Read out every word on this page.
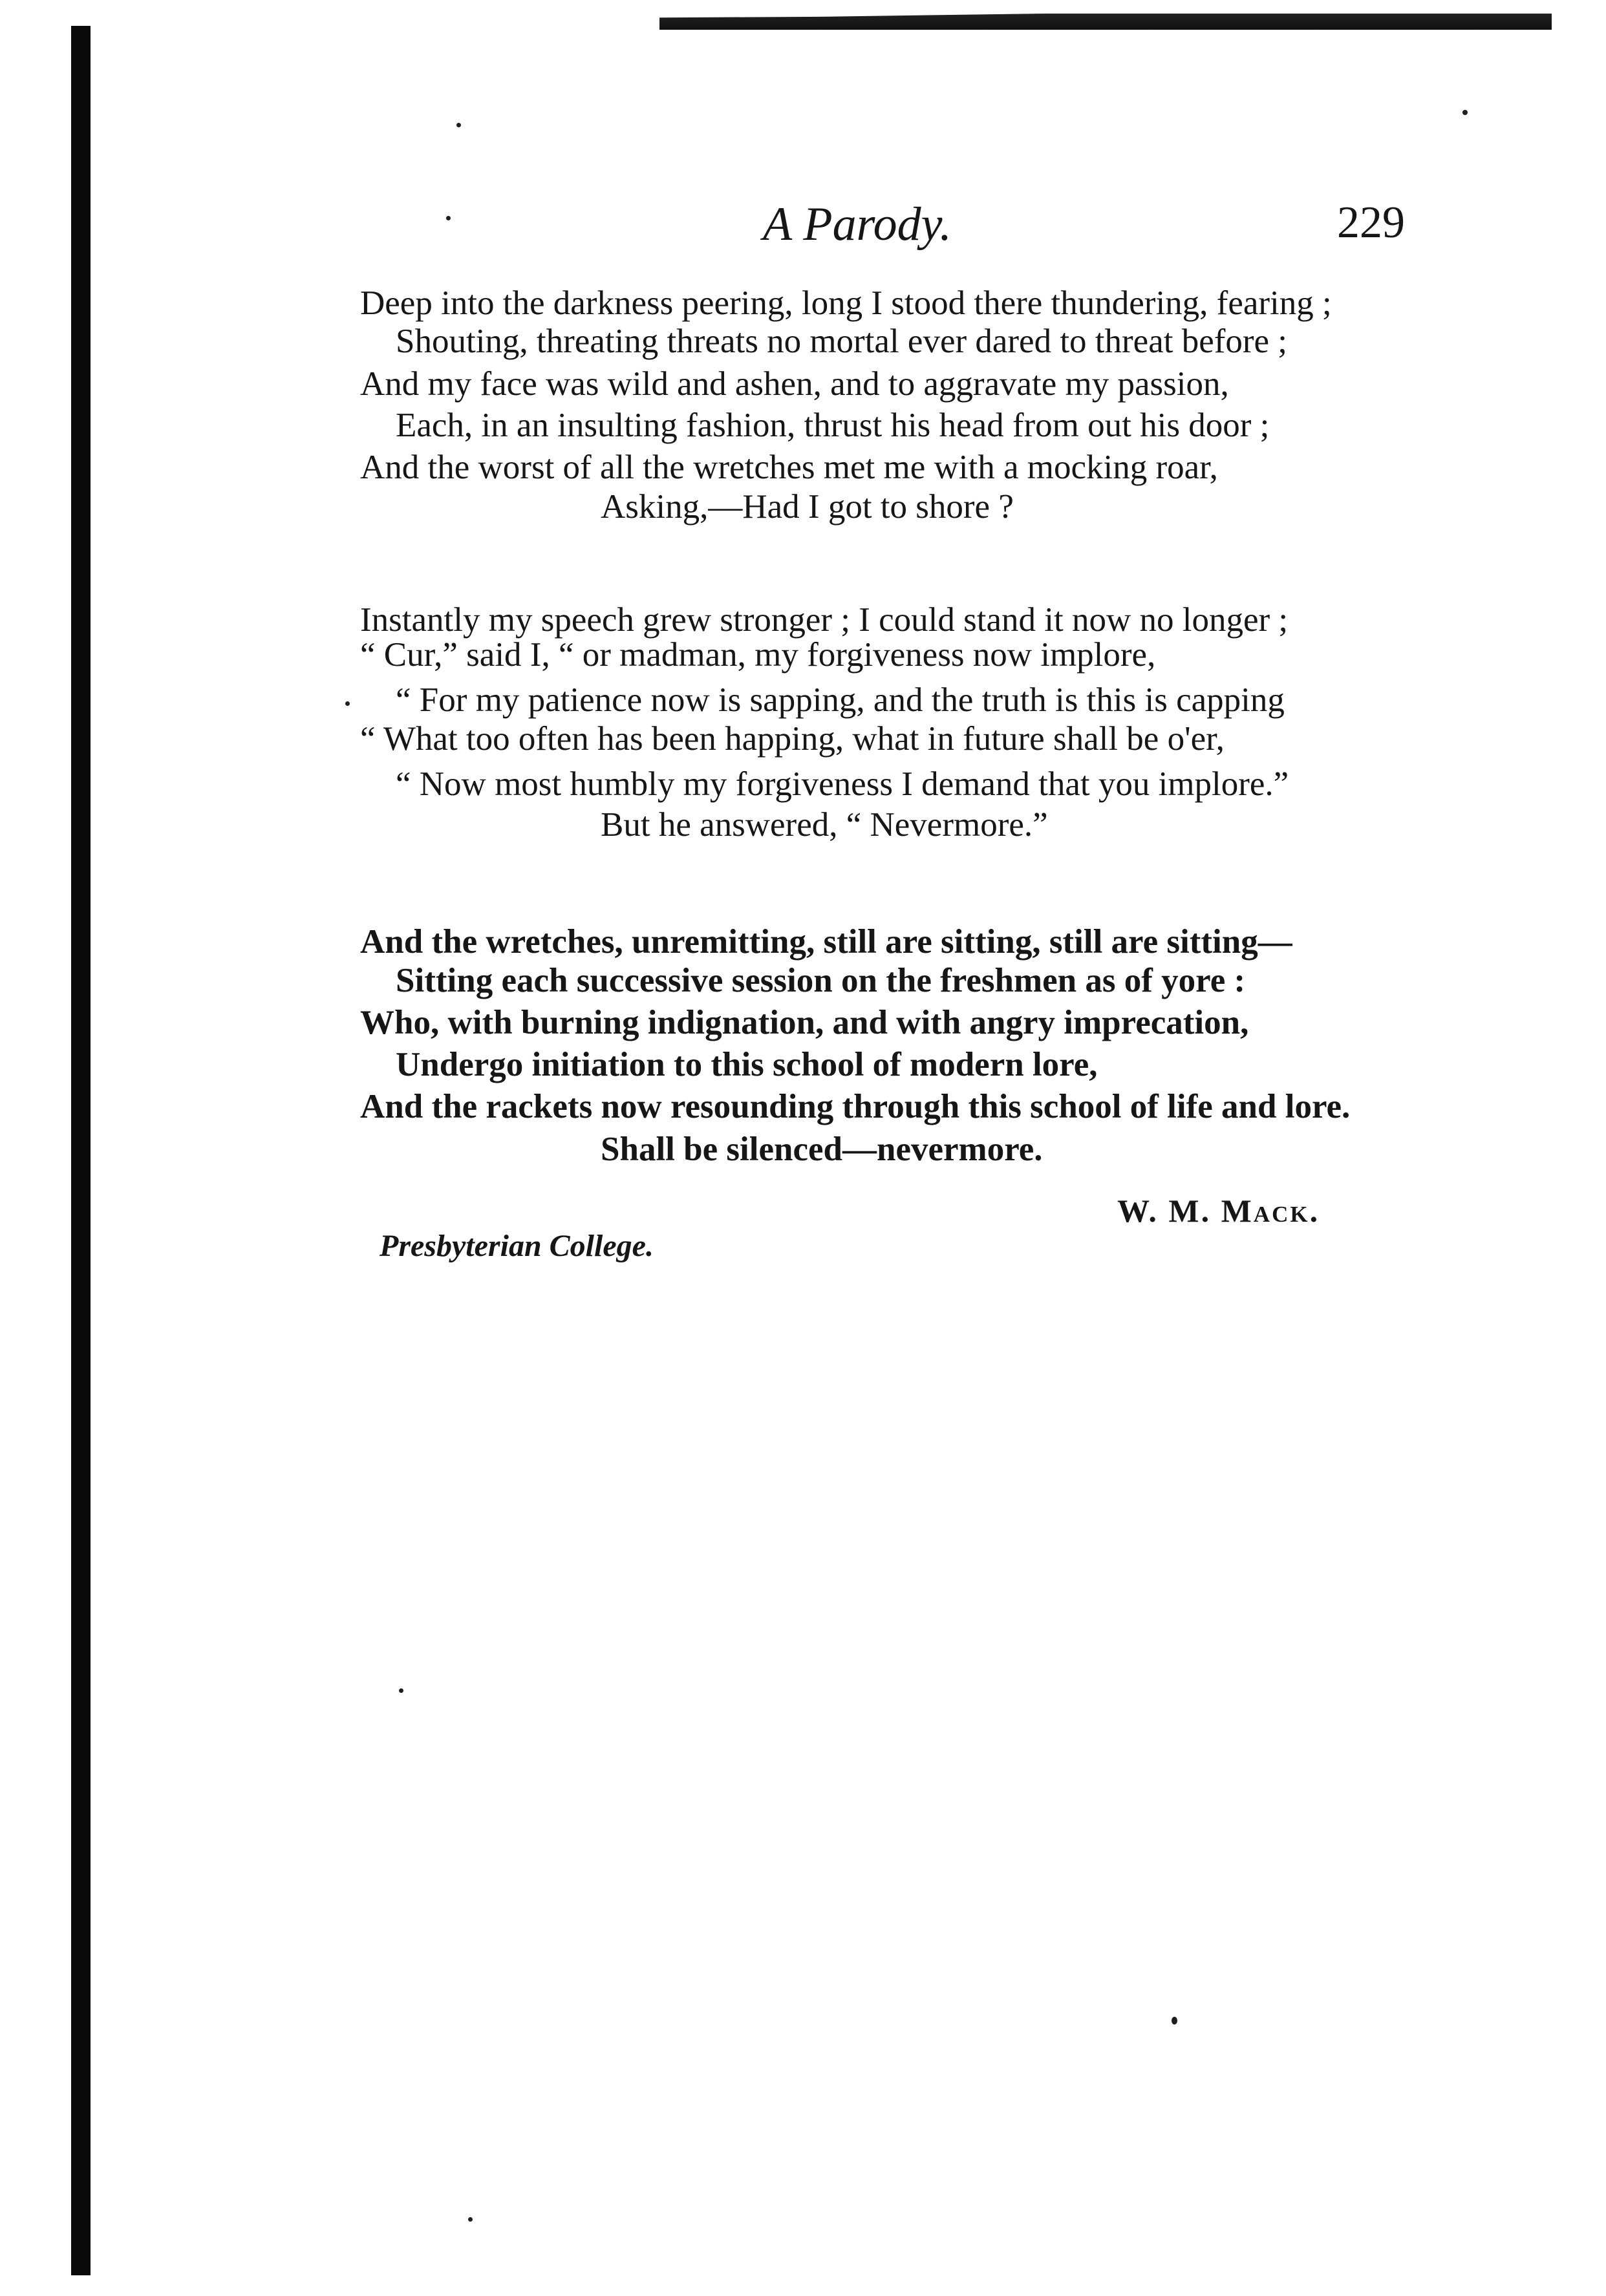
A Parody.	229
Deep into the darkness peering, long I stood there thundering, fearing ;
Shouting, threating threats no mortal ever dared to threat before ;
And my face was wild and ashen, and to aggravate my passion,
Each, in an insulting fashion, thrust his head from out his door ;
And the worst of all the wretches met me with a mocking roar,
Asking,—Had I got to shore ?
Instantly my speech grew stronger ; I could stand it now no longer ;
“ Cur,” said I, “ or madman, my forgiveness now implore,
“ For my patience now is sapping, and the truth is this is capping
“ What too often has been happing, what in future shall be o'er,
“ Now most humbly my forgiveness I demand that you implore.”
But he answered, “ Nevermore.”
And the wretches, unremitting, still are sitting, still are sitting—
Sitting each successive session on the freshmen as of yore :
Who, with burning indignation, and with angry imprecation,
Undergo initiation to this school of modern lore,
And the rackets now resounding through this school of life and lore.
Shall be silenced—nevermore.
W. M. Mack.
Presbyterian College.
